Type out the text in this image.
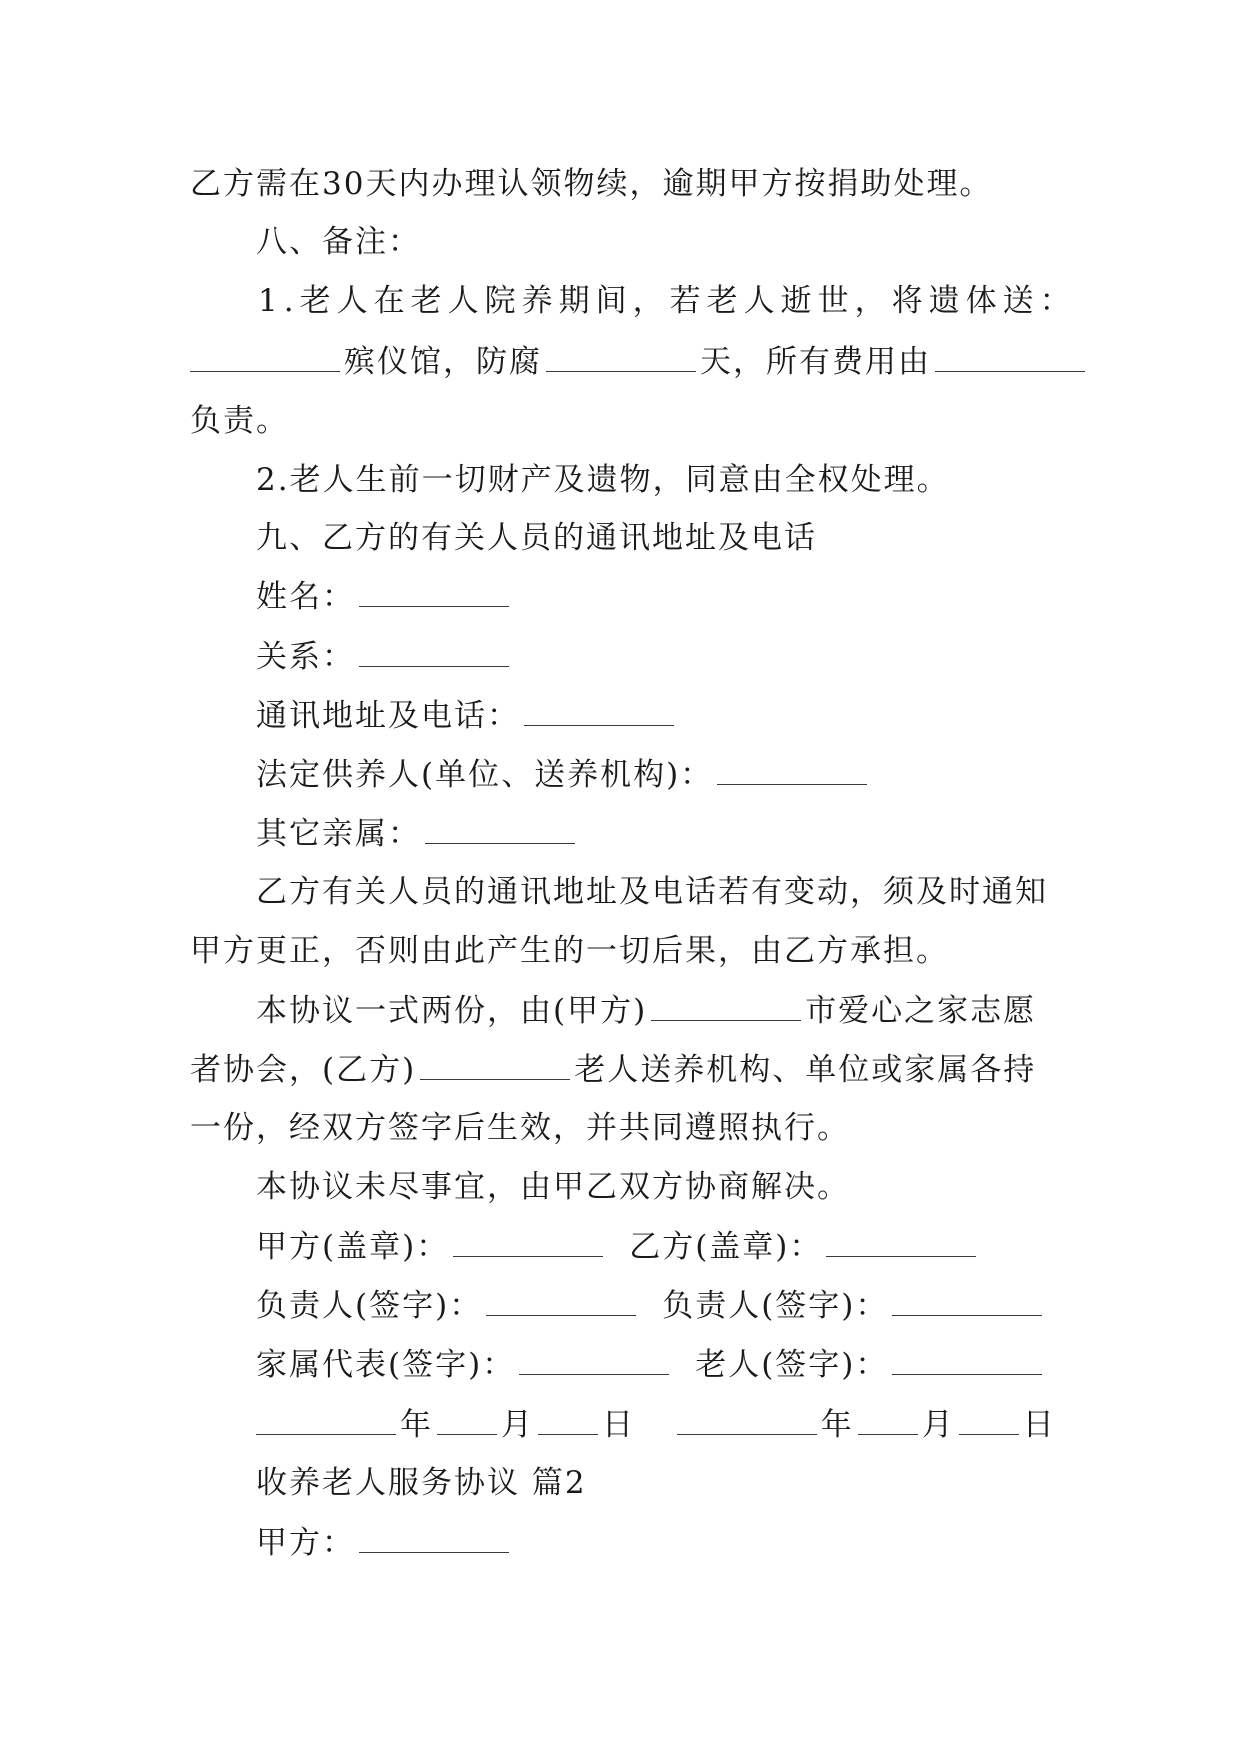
乙方需在30天内办理认领物续，逾期甲方按捐助处理。
八、备注：
1.老人在老人院养期间，若老人逝世，将遗体送：
殡仪馆，防腐	天，所有费用由
负责。
2.老人生前一切财产及遗物，同意由全权处理。
九、乙方的有关人员的通讯地址及电话
姓名：
关系：
通讯地址及电话：
法定供养人(单位、送养机构)：
其它亲属：
乙方有关人员的通讯地址及电话若有变动，须及时通知
甲方更正，否则由此产生的一切后果，由乙方承担。
本协议一式两份，由(甲方)	市爱心之家志愿
者协会，(乙方)	老人送养机构、单位或家属各持
一份，经双方签字后生效，并共同遵照执行。
本协议未尽事宜，由甲乙双方协商解决。
甲方(盖章)：	乙方(盖章)：
负责人(签字)：	负责人(签字)：
家属代表(签字)：	老人(签字)：
年 月 日	年 月 日
收养老人服务协议 篇2
甲方：
